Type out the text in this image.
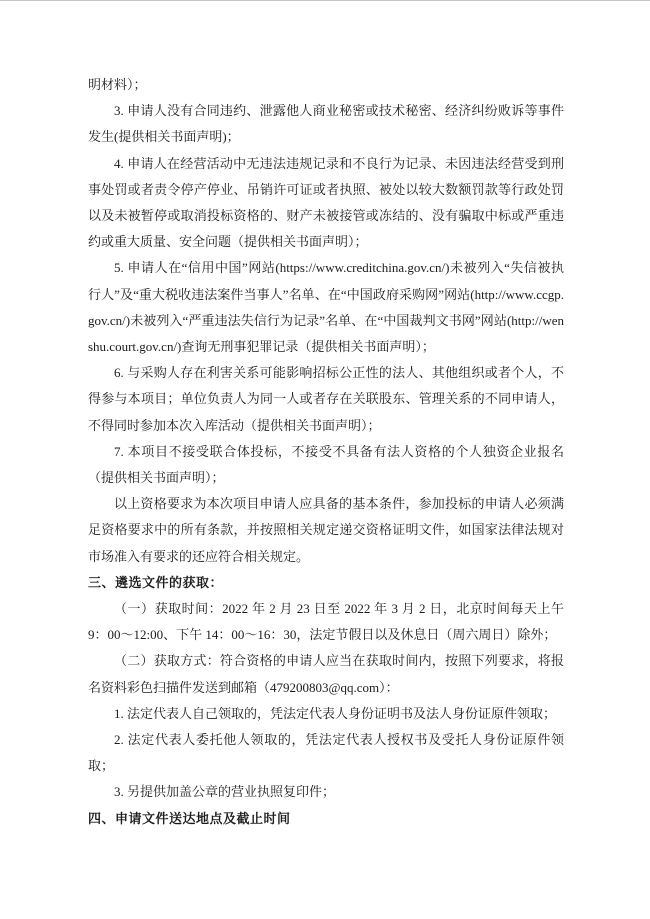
明材料）；

3. 申请人没有合同违约、泄露他人商业秘密或技术秘密、经济纠纷败诉等事件发生(提供相关书面声明)；

4. 申请人在经营活动中无违法违规记录和不良行为记录、未因违法经营受到刑事处罚或者责令停产停业、吊销许可证或者执照、被处以较大数额罚款等行政处罚以及未被暂停或取消投标资格的、财产未被接管或冻结的、没有骗取中标或严重违约或重大质量、安全问题（提供相关书面声明）；

5. 申请人在“信用中国”网站(https://www.creditchina.gov.cn/)未被列入“失信被执行人”及“重大税收违法案件当事人”名单、在“中国政府采购网”网站(http://www.ccgp.gov.cn/)未被列入“严重违法失信行为记录”名单、在“中国裁判文书网”网站(http://wenshu.court.gov.cn/)查询无刑事犯罪记录（提供相关书面声明）；

6. 与采购人存在利害关系可能影响招标公正性的法人、其他组织或者个人，不得参与本项目；单位负责人为同一人或者存在关联股东、管理关系的不同申请人，不得同时参加本次入库活动（提供相关书面声明）；

7. 本项目不接受联合体投标，不接受不具备有法人资格的个人独资企业报名（提供相关书面声明）；

以上资格要求为本次项目申请人应具备的基本条件，参加投标的申请人必须满足资格要求中的所有条款，并按照相关规定递交资格证明文件，如国家法律法规对市场准入有要求的还应符合相关规定。

三、遴选文件的获取：

（一）获取时间：2022 年 2 月 23 日至 2022 年 3 月 2 日，北京时间每天上午 9：00～12:00、下午 14：00～16：30，法定节假日以及休息日（周六周日）除外；

（二）获取方式：符合资格的申请人应当在获取时间内，按照下列要求，将报名资料彩色扫描件发送到邮箱（479200803@qq.com）：

1. 法定代表人自己领取的，凭法定代表人身份证明书及法人身份证原件领取；

2. 法定代表人委托他人领取的，凭法定代表人授权书及受托人身份证原件领取；

3. 另提供加盖公章的营业执照复印件；

四、申请文件送达地点及截止时间
